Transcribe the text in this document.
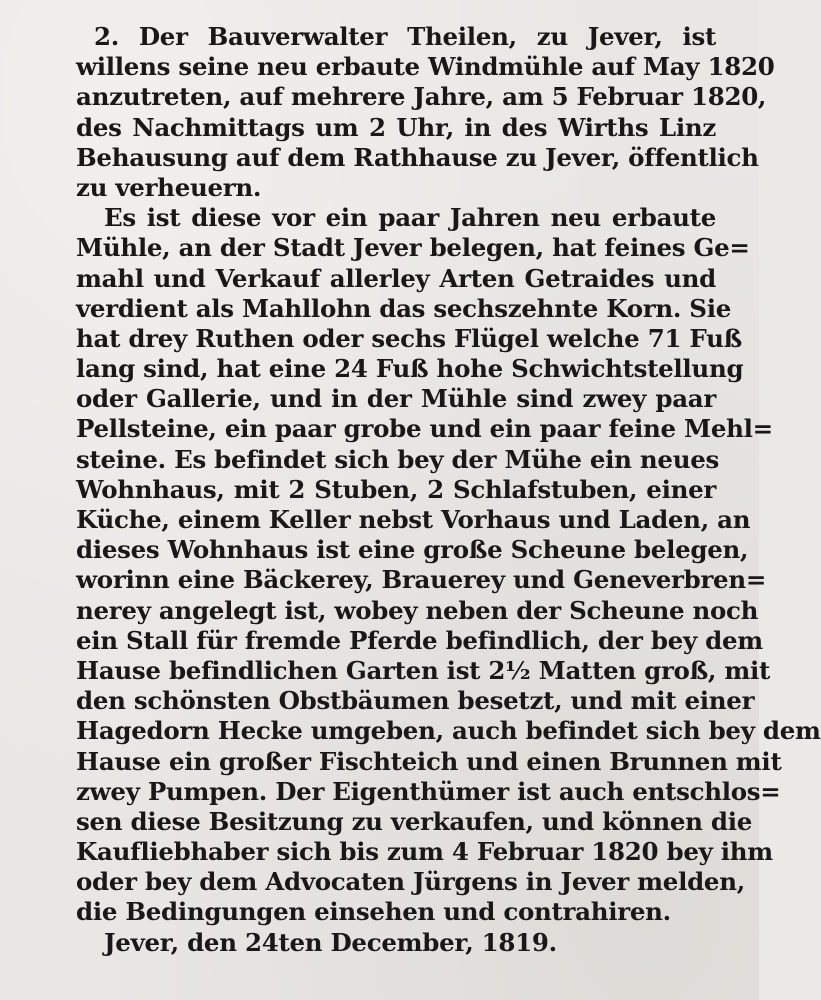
2. Der Bauverwalter Theilen, zu Jever, ist
willens seine neu erbaute Windmühle auf May 1820
anzutreten, auf mehrere Jahre, am 5 Februar 1820,
des Nachmittags um 2 Uhr, in des Wirths Linz
Behausung auf dem Rathhause zu Jever, öffentlich
zu verheuern.
Es ist diese vor ein paar Jahren neu erbaute
Mühle, an der Stadt Jever belegen, hat feines Ge=
mahl und Verkauf allerley Arten Getraides und
verdient als Mahllohn das sechszehnte Korn. Sie
hat drey Ruthen oder sechs Flügel welche 71 Fuß
lang sind, hat eine 24 Fuß hohe Schwichtstellung
oder Gallerie, und in der Mühle sind zwey paar
Pellsteine, ein paar grobe und ein paar feine Mehl=
steine. Es befindet sich bey der Mühe ein neues
Wohnhaus, mit 2 Stuben, 2 Schlafstuben, einer
Küche, einem Keller nebst Vorhaus und Laden, an
dieses Wohnhaus ist eine große Scheune belegen,
worinn eine Bäckerey, Brauerey und Geneverbren=
nerey angelegt ist, wobey neben der Scheune noch
ein Stall für fremde Pferde befindlich, der bey dem
Hause befindlichen Garten ist 2½ Matten groß, mit
den schönsten Obstbäumen besetzt, und mit einer
Hagedorn Hecke umgeben, auch befindet sich bey dem
Hause ein großer Fischteich und einen Brunnen mit
zwey Pumpen. Der Eigenthümer ist auch entschlos=
sen diese Besitzung zu verkaufen, und können die
Kaufliebhaber sich bis zum 4 Februar 1820 bey ihm
oder bey dem Advocaten Jürgens in Jever melden,
die Bedingungen einsehen und contrahiren.
Jever, den 24ten December, 1819.
